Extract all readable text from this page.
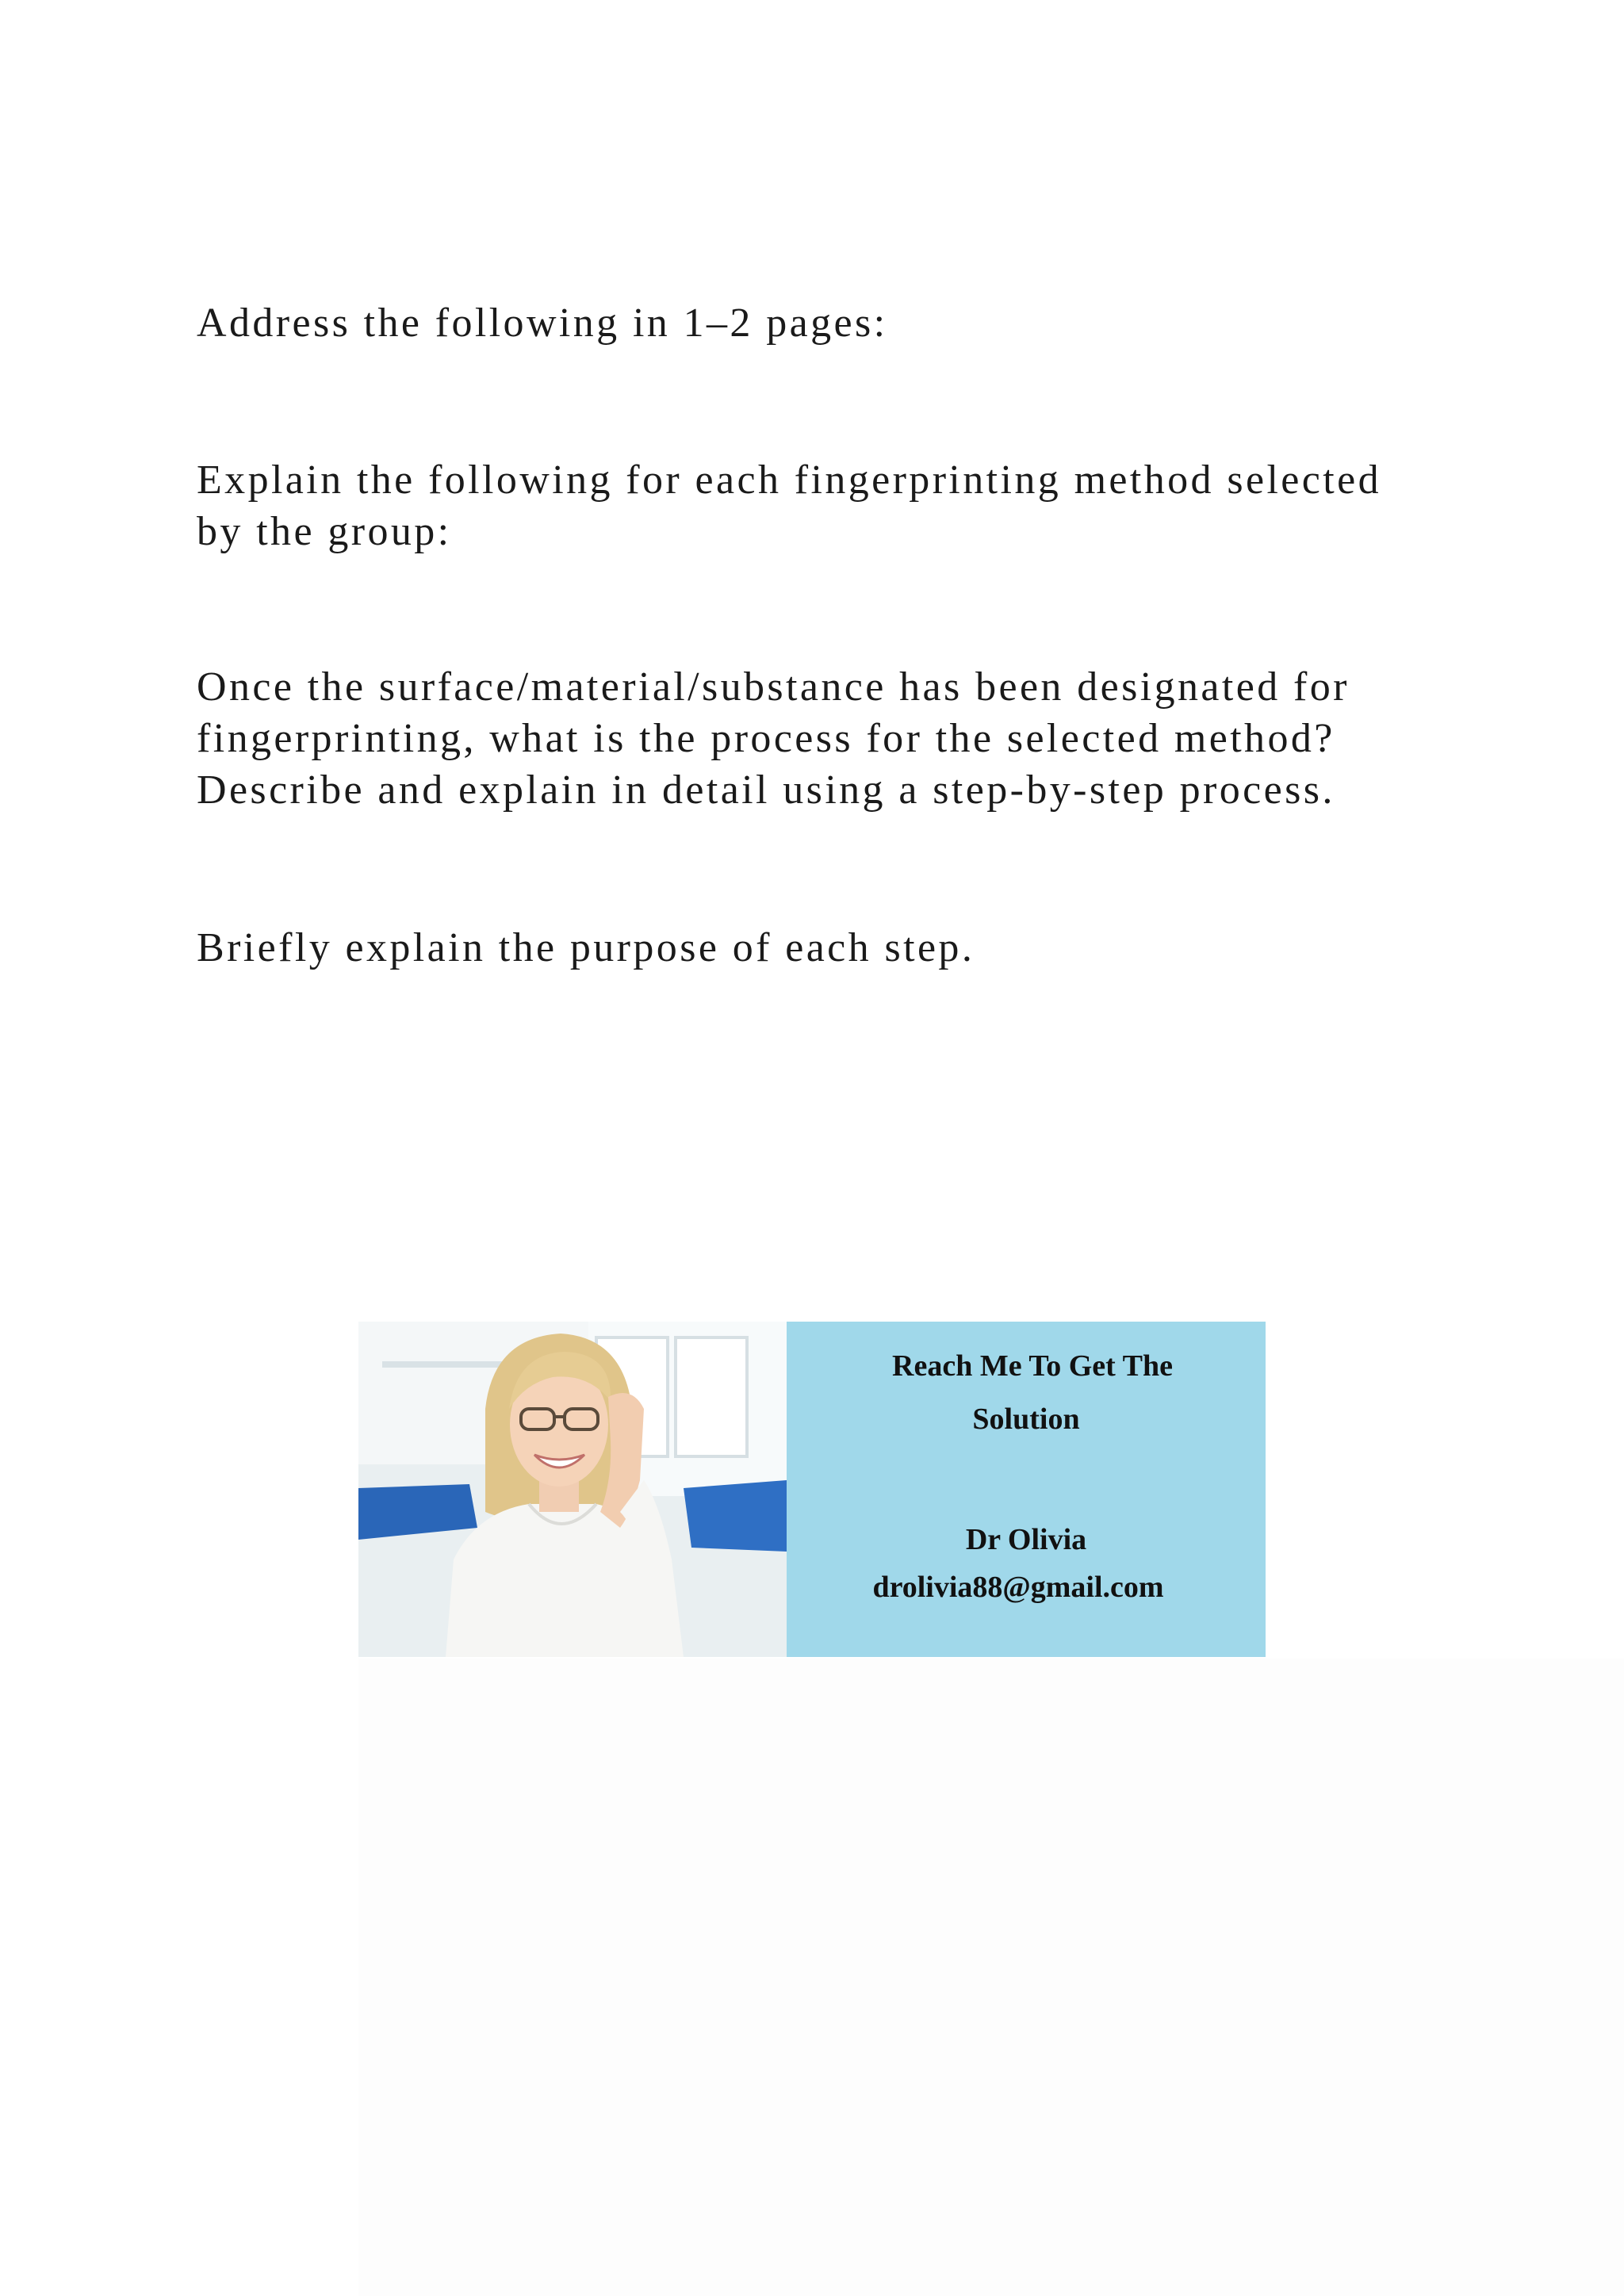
Address the following in 1–2 pages:

Explain the following for each fingerprinting method selected by the group:

Once the surface/material/substance has been designated for fingerprinting, what is the process for the selected method? Describe and explain in detail using a step-by-step process.

Briefly explain the purpose of each step.

Reach Me To Get The
Solution
Dr Olivia
drolivia88@gmail.com
